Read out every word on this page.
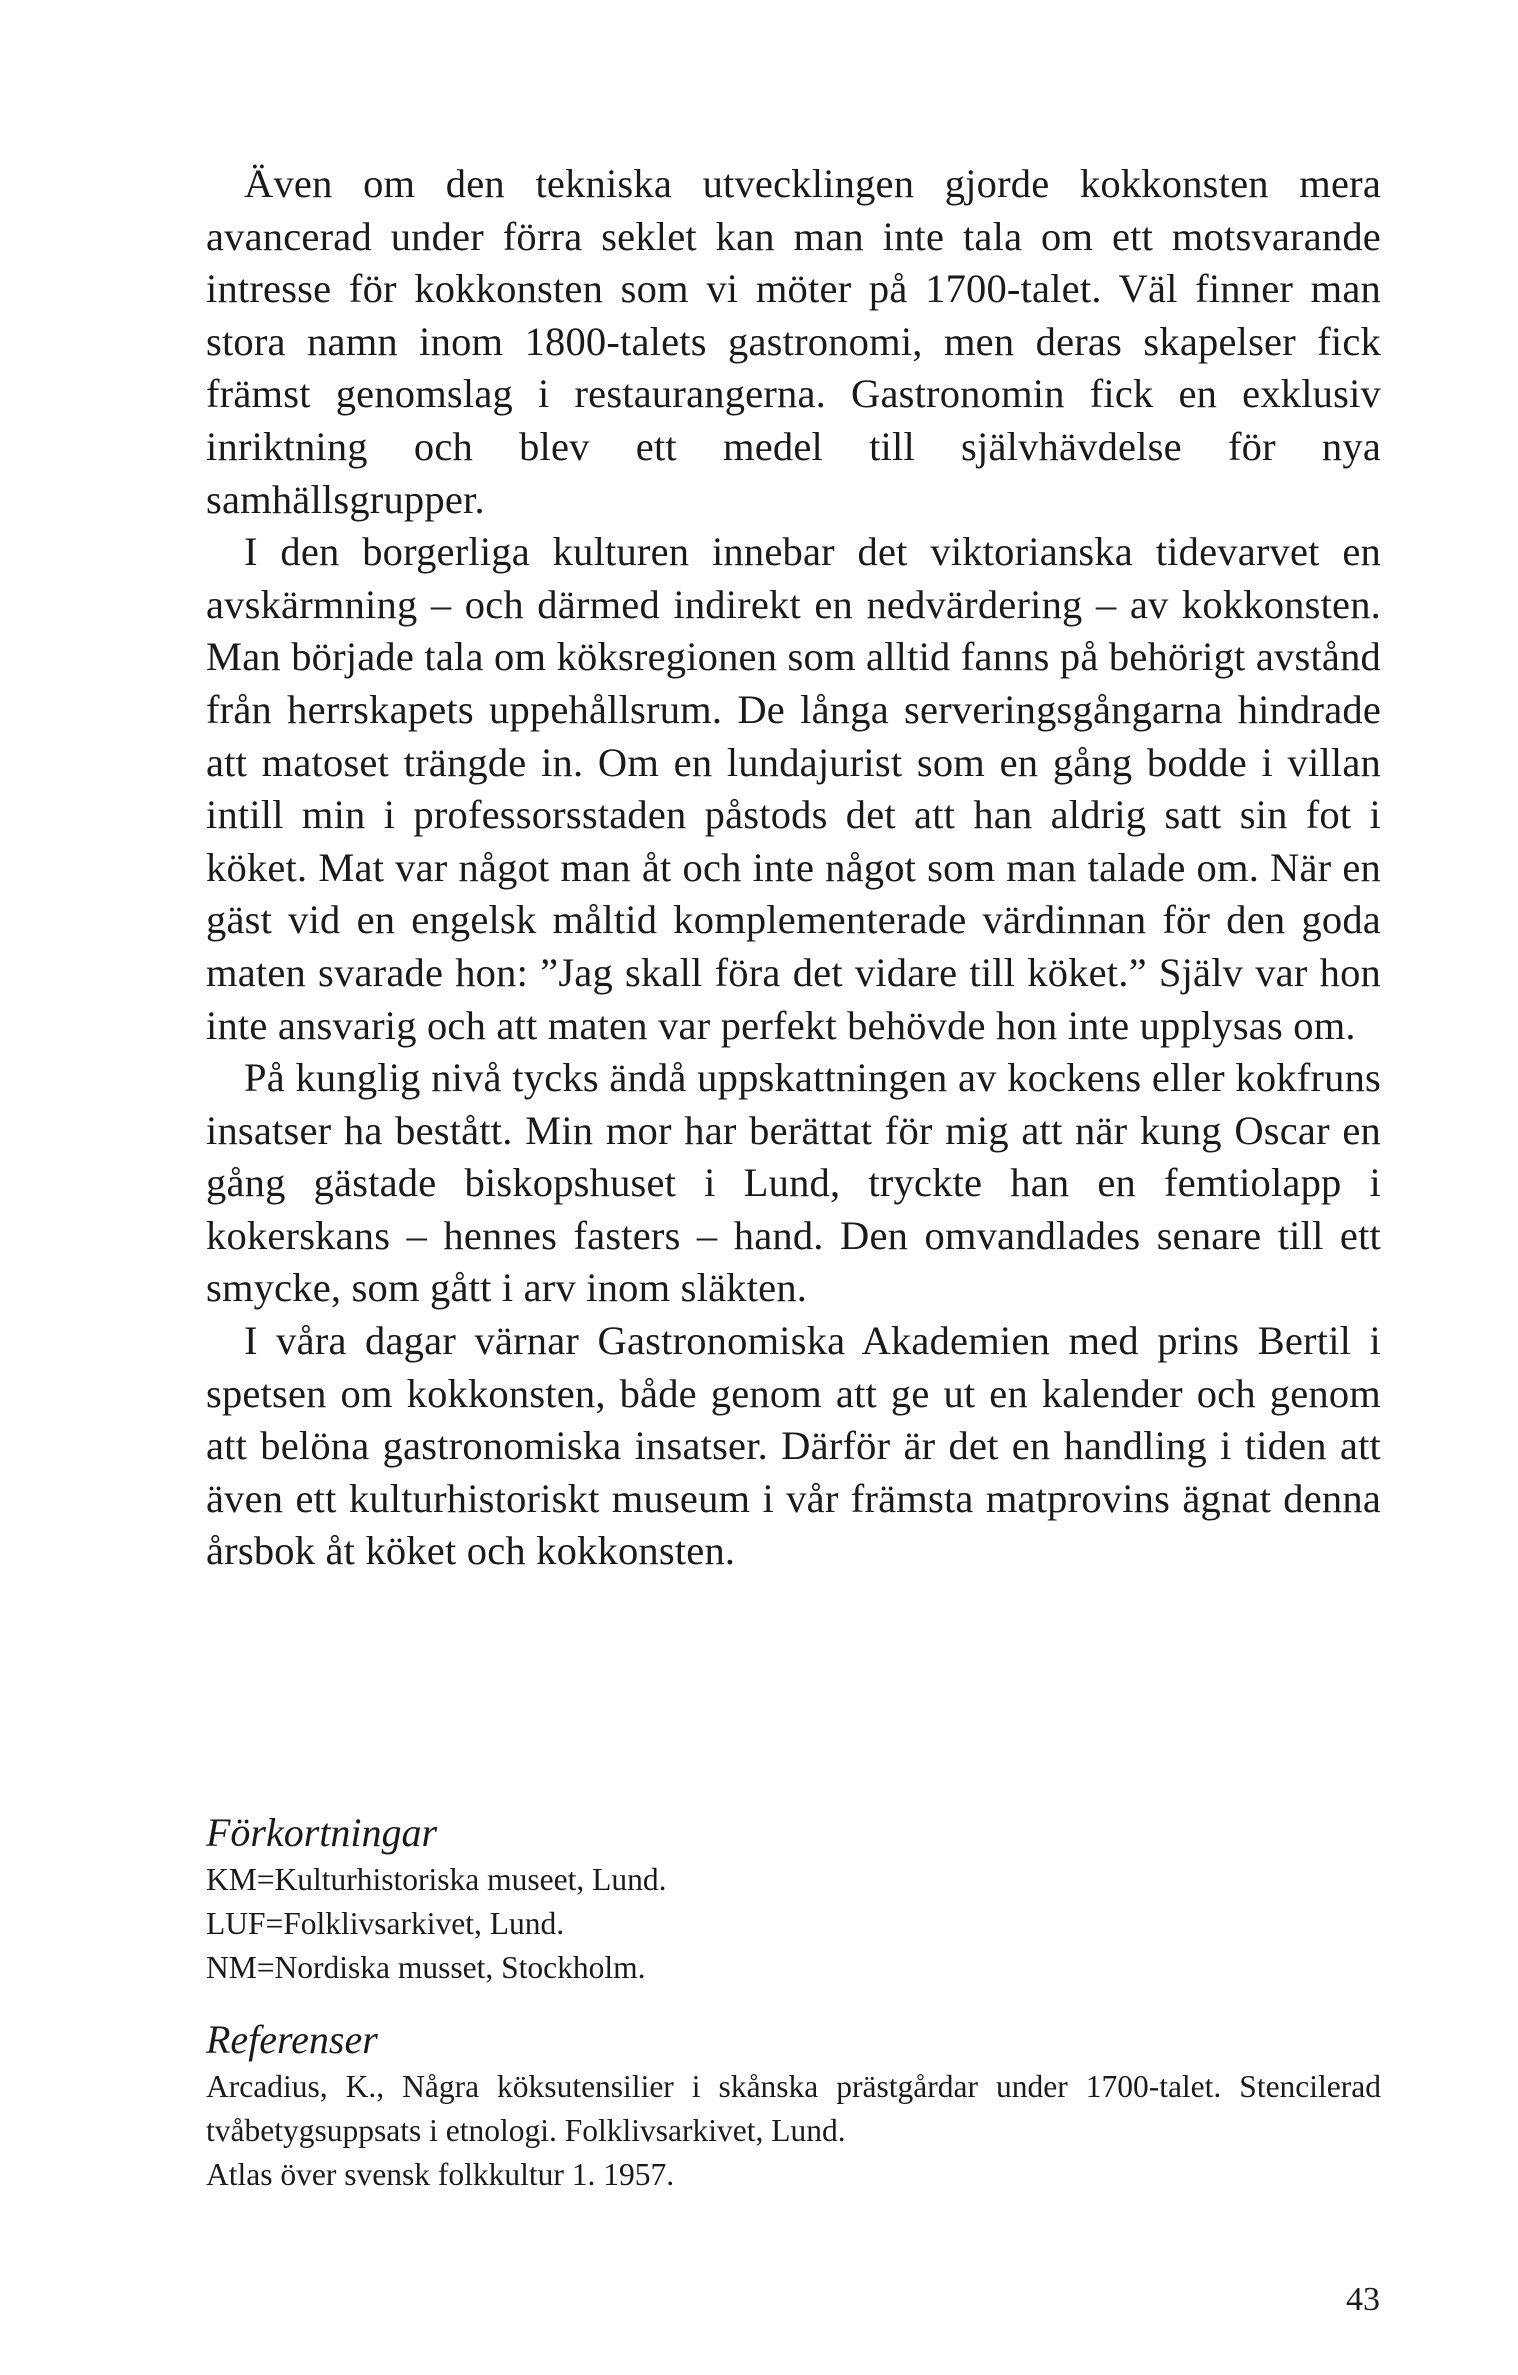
Även om den tekniska utvecklingen gjorde kokkonsten mera avancerad under förra seklet kan man inte tala om ett motsvarande intresse för kokkonsten som vi möter på 1700-talet. Väl finner man stora namn inom 1800-talets gastronomi, men deras skapelser fick främst genomslag i restaurangerna. Gastronomin fick en exklusiv inriktning och blev ett medel till självhävdelse för nya samhällsgrupper.

I den borgerliga kulturen innebar det viktorianska tidevarvet en avskärmning – och därmed indirekt en nedvärdering – av kokkonsten. Man började tala om köksregionen som alltid fanns på behörigt avstånd från herrskapets uppehållsrum. De långa serveringsgångarna hindrade att matoset trängde in. Om en lundajurist som en gång bodde i villan intill min i professorsstaden påstods det att han aldrig satt sin fot i köket. Mat var något man åt och inte något som man talade om. När en gäst vid en engelsk måltid komplementerade värdinnan för den goda maten svarade hon: ”Jag skall föra det vidare till köket.” Själv var hon inte ansvarig och att maten var perfekt behövde hon inte upplysas om.

På kunglig nivå tycks ändå uppskattningen av kockens eller kokfruns insatser ha bestått. Min mor har berättat för mig att när kung Oscar en gång gästade biskopshuset i Lund, tryckte han en femtiolapp i kokerskans – hennes fasters – hand. Den omvandlades senare till ett smycke, som gått i arv inom släkten.

I våra dagar värnar Gastronomiska Akademien med prins Bertil i spetsen om kokkonsten, både genom att ge ut en kalender och genom att belöna gastronomiska insatser. Därför är det en handling i tiden att även ett kulturhistoriskt museum i vår främsta matprovins ägnat denna årsbok åt köket och kokkonsten.

Förkortningar

KM=Kulturhistoriska museet, Lund.

LUF=Folklivsarkivet, Lund.

NM=Nordiska musset, Stockholm.

Referenser

Arcadius, K., Några köksutensilier i skånska prästgårdar under 1700-talet. Stencilerad tvåbetygsuppsats i etnologi. Folklivsarkivet, Lund.

Atlas över svensk folkkultur 1. 1957.

43
